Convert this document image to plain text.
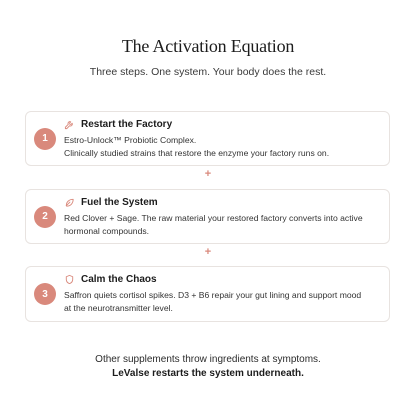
The Activation Equation
Three steps. One system. Your body does the rest.
1
Restart the Factory
Estro-Unlock™ Probiotic Complex.
Clinically studied strains that restore the enzyme your factory runs on.
+
2
Fuel the System
Red Clover + Sage. The raw material your restored factory converts into active
hormonal compounds.
+
3
Calm the Chaos
Saffron quiets cortisol spikes. D3 + B6 repair your gut lining and support mood
at the neurotransmitter level.
Other supplements throw ingredients at symptoms.
LeValse restarts the system underneath.
